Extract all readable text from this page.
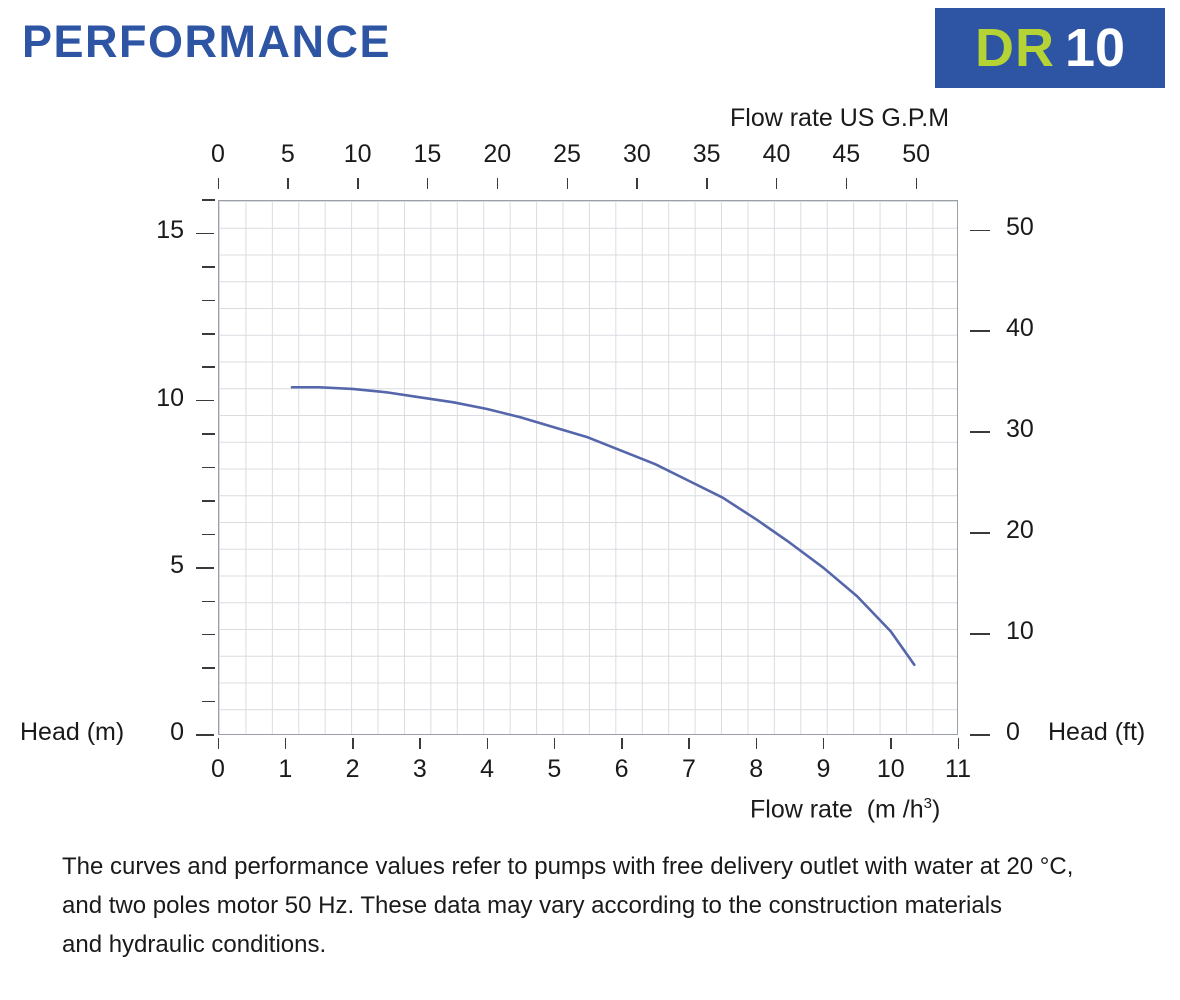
PERFORMANCE	DR 10
Flow rate US G.P.M
0 5 10 15 20 25 30 35 40 45 50
0
5
10
15
0
10
20
30
40
50
0 1 2 3 4 5 6 7 8 9 10 11
Head (m)	Head (ft)
Flow rate  (m $/h^3$)
The curves and performance values refer to pumps with free delivery outlet with water at 20 °C,
and two poles motor 50 Hz. These data may vary according to the construction materials
and hydraulic conditions.
